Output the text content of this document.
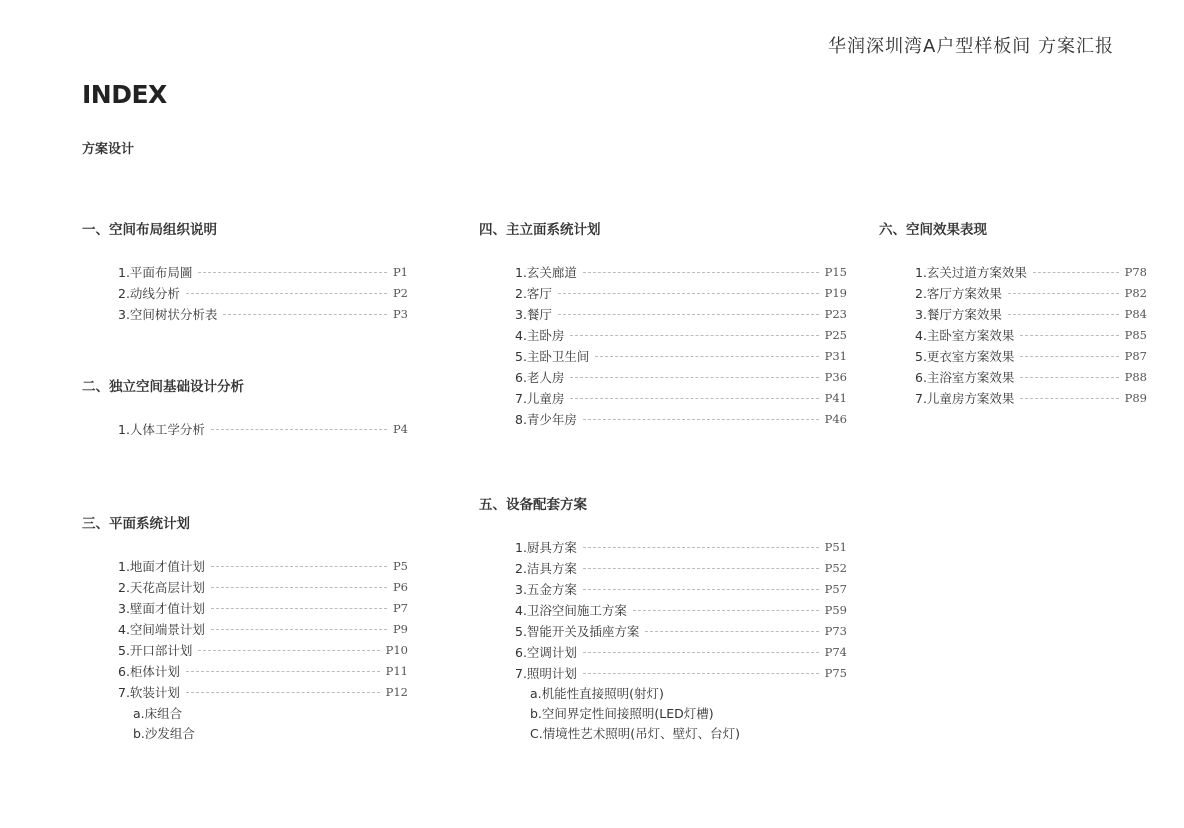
华润深圳湾A户型样板间 方案汇报
INDEX
方案设计
一、空间布局组织说明
1.平面布局圖	P1
2.动线分析	P2
3.空间树状分析表	P3
二、独立空间基础设计分析
1.人体工学分析	P4
三、平面系统计划
1.地面才值计划	P5
2.天花高层计划	P6
3.壁面才值计划	P7
4.空间端景计划	P9
5.开口部计划	P10
6.柜体计划	P11
7.软装计划	P12
a.床组合
b.沙发组合
四、主立面系统计划
1.玄关廊道	P15
2.客厅	P19
3.餐厅	P23
4.主卧房	P25
5.主卧卫生间	P31
6.老人房	P36
7.儿童房	P41
8.青少年房	P46
五、设备配套方案
1.厨具方案	P51
2.洁具方案	P52
3.五金方案	P57
4.卫浴空间施工方案	P59
5.智能开关及插座方案	P73
6.空调计划	P74
7.照明计划	P75
a.机能性直接照明(射灯)
b.空间界定性间接照明(LED灯槽)
C.情境性艺术照明(吊灯、壁灯、台灯)
六、空间效果表现
1.玄关过道方案效果	P78
2.客厅方案效果	P82
3.餐厅方案效果	P84
4.主卧室方案效果	P85
5.更衣室方案效果	P87
6.主浴室方案效果	P88
7.儿童房方案效果	P89
